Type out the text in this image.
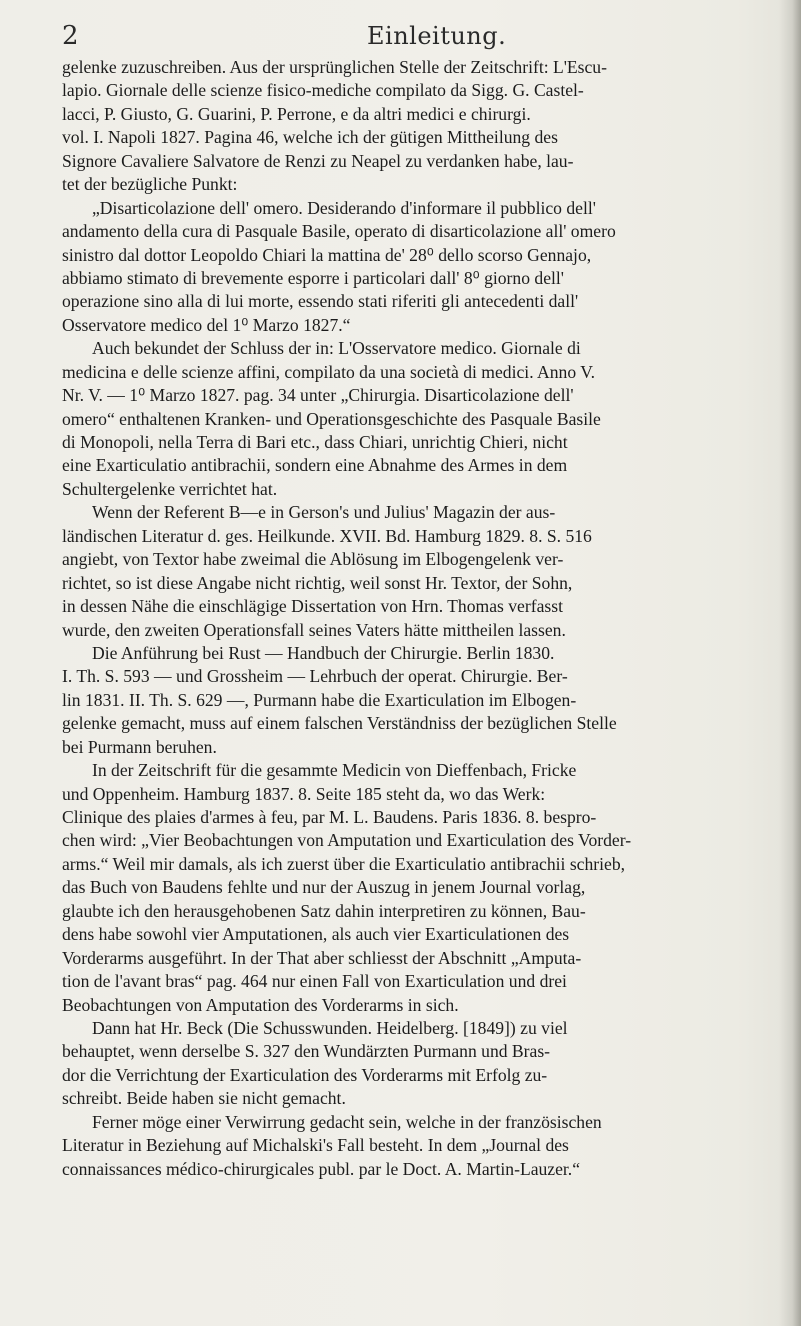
2	Einleitung.
gelenke zuzuschreiben. Aus der ursprünglichen Stelle der Zeitschrift: L'Escu-
lapio. Giornale delle scienze fisico-mediche compilato da Sigg. G. Castel-
lacci, P. Giusto, G. Guarini, P. Perrone, e da altri medici e chirurgi.
vol. I. Napoli 1827. Pagina 46, welche ich der gütigen Mittheilung des
Signore Cavaliere Salvatore de Renzi zu Neapel zu verdanken habe, lau-
tet der bezügliche Punkt:
„Disarticolazione dell' omero. Desiderando d'informare il pubblico dell'
andamento della cura di Pasquale Basile, operato di disarticolazione all' omero
sinistro dal dottor Leopoldo Chiari la mattina de' 28⁰ dello scorso Gennajo,
abbiamo stimato di brevemente esporre i particolari dall' 8⁰ giorno dell'
operazione sino alla di lui morte, essendo stati riferiti gli antecedenti dall'
Osservatore medico del 1⁰ Marzo 1827.“
Auch bekundet der Schluss der in: L'Osservatore medico. Giornale di
medicina e delle scienze affini, compilato da una società di medici. Anno V.
Nr. V. — 1⁰ Marzo 1827. pag. 34 unter „Chirurgia. Disarticolazione dell'
omero“ enthaltenen Kranken- und Operationsgeschichte des Pasquale Basile
di Monopoli, nella Terra di Bari etc., dass Chiari, unrichtig Chieri, nicht
eine Exarticulatio antibrachii, sondern eine Abnahme des Armes in dem
Schultergelenke verrichtet hat.
Wenn der Referent B—e in Gerson's und Julius' Magazin der aus-
ländischen Literatur d. ges. Heilkunde. XVII. Bd. Hamburg 1829. 8. S. 516
angiebt, von Textor habe zweimal die Ablösung im Elbogengelenk ver-
richtet, so ist diese Angabe nicht richtig, weil sonst Hr. Textor, der Sohn,
in dessen Nähe die einschlägige Dissertation von Hrn. Thomas verfasst
wurde, den zweiten Operationsfall seines Vaters hätte mittheilen lassen.
Die Anführung bei Rust — Handbuch der Chirurgie. Berlin 1830.
I. Th. S. 593 — und Grossheim — Lehrbuch der operat. Chirurgie. Ber-
lin 1831. II. Th. S. 629 —, Purmann habe die Exarticulation im Elbogen-
gelenke gemacht, muss auf einem falschen Verständniss der bezüglichen Stelle
bei Purmann beruhen.
In der Zeitschrift für die gesammte Medicin von Dieffenbach, Fricke
und Oppenheim. Hamburg 1837. 8. Seite 185 steht da, wo das Werk:
Clinique des plaies d'armes à feu, par M. L. Baudens. Paris 1836. 8. bespro-
chen wird: „Vier Beobachtungen von Amputation und Exarticulation des Vorder-
arms.“ Weil mir damals, als ich zuerst über die Exarticulatio antibrachii schrieb,
das Buch von Baudens fehlte und nur der Auszug in jenem Journal vorlag,
glaubte ich den herausgehobenen Satz dahin interpretiren zu können, Bau-
dens habe sowohl vier Amputationen, als auch vier Exarticulationen des
Vorderarms ausgeführt. In der That aber schliesst der Abschnitt „Amputa-
tion de l'avant bras“ pag. 464 nur einen Fall von Exarticulation und drei
Beobachtungen von Amputation des Vorderarms in sich.
Dann hat Hr. Beck (Die Schusswunden. Heidelberg. [1849]) zu viel
behauptet, wenn derselbe S. 327 den Wundärzten Purmann und Bras-
dor die Verrichtung der Exarticulation des Vorderarms mit Erfolg zu-
schreibt. Beide haben sie nicht gemacht.
Ferner möge einer Verwirrung gedacht sein, welche in der französischen
Literatur in Beziehung auf Michalski's Fall besteht. In dem „Journal des
connaissances médico-chirurgicales publ. par le Doct. A. Martin-Lauzer.“
